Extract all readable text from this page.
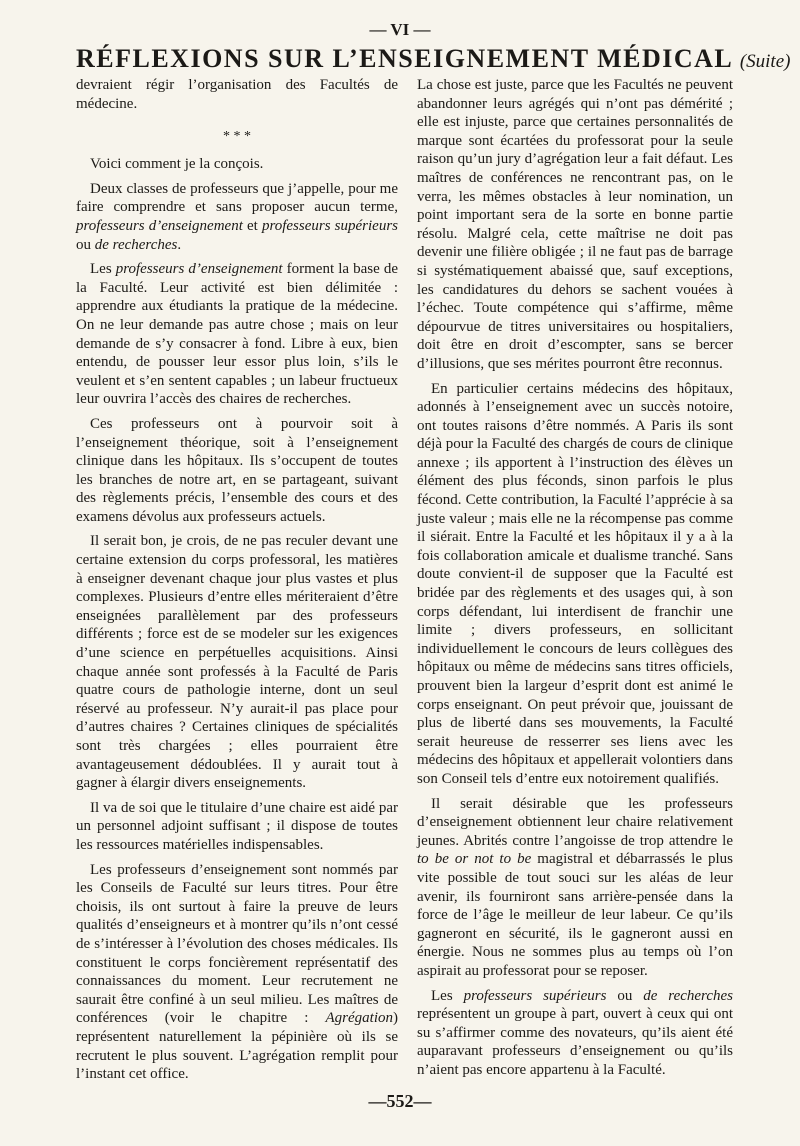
— VI —
RÉFLEXIONS SUR L’ENSEIGNEMENT MÉDICAL (Suite)

devraient régir l’organisation des Facultés de médecine.

* * *

Voici comment je la conçois.

Deux classes de professeurs que j’appelle, pour me faire comprendre et sans proposer aucun terme, professeurs d’enseignement et professeurs supérieurs ou de recherches.

Les professeurs d’enseignement forment la base de la Faculté. Leur activité est bien délimitée : apprendre aux étudiants la pratique de la médecine. On ne leur demande pas autre chose ; mais on leur demande de s’y consacrer à fond. Libre à eux, bien entendu, de pousser leur essor plus loin, s’ils le veulent et s’en sentent capables ; un labeur fructueux leur ouvrira l’accès des chaires de recherches.

Ces professeurs ont à pourvoir soit à l’enseignement théorique, soit à l’enseignement clinique dans les hôpitaux. Ils s’occupent de toutes les branches de notre art, en se partageant, suivant des règlements précis, l’ensemble des cours et des examens dévolus aux professeurs actuels.

Il serait bon, je crois, de ne pas reculer devant une certaine extension du corps professoral, les matières à enseigner devenant chaque jour plus vastes et plus complexes. Plusieurs d’entre elles mériteraient d’être enseignées parallèlement par des professeurs différents ; force est de se modeler sur les exigences d’une science en perpétuelles acquisitions. Ainsi chaque année sont professés à la Faculté de Paris quatre cours de pathologie interne, dont un seul réservé au professeur. N’y aurait-il pas place pour d’autres chaires ? Certaines cliniques de spécialités sont très chargées ; elles pourraient être avantageusement dédoublées. Il y aurait tout à gagner à élargir divers enseignements.

Il va de soi que le titulaire d’une chaire est aidé par un personnel adjoint suffisant ; il dispose de toutes les ressources matérielles indispensables.

Les professeurs d’enseignement sont nommés par les Conseils de Faculté sur leurs titres. Pour être choisis, ils ont surtout à faire la preuve de leurs qualités d’enseigneurs et à montrer qu’ils n’ont cessé de s’intéresser à l’évolution des choses médicales. Ils constituent le corps foncièrement représentatif des connaissances du moment. Leur recrutement ne saurait être confiné à un seul milieu. Les maîtres de conférences (voir le chapitre : Agrégation) représentent naturellement la pépinière où ils se recrutent le plus souvent. L’agrégation remplit pour l’instant cet office.

La chose est juste, parce que les Facultés ne peuvent abandonner leurs agrégés qui n’ont pas démérité ; elle est injuste, parce que certaines personnalités de marque sont écartées du professorat pour la seule raison qu’un jury d’agrégation leur a fait défaut. Les maîtres de conférences ne rencontrant pas, on le verra, les mêmes obstacles à leur nomination, un point important sera de la sorte en bonne partie résolu. Malgré cela, cette maîtrise ne doit pas devenir une filière obligée ; il ne faut pas de barrage si systématiquement abaissé que, sauf exceptions, les candidatures du dehors se sachent vouées à l’échec. Toute compétence qui s’affirme, même dépourvue de titres universitaires ou hospitaliers, doit être en droit d’escompter, sans se bercer d’illusions, que ses mérites pourront être reconnus.

En particulier certains médecins des hôpitaux, adonnés à l’enseignement avec un succès notoire, ont toutes raisons d’être nommés. A Paris ils sont déjà pour la Faculté des chargés de cours de clinique annexe ; ils apportent à l’instruction des élèves un élément des plus féconds, sinon parfois le plus fécond. Cette contribution, la Faculté l’apprécie à sa juste valeur ; mais elle ne la récompense pas comme il siérait. Entre la Faculté et les hôpitaux il y a à la fois collaboration amicale et dualisme tranché. Sans doute convient-il de supposer que la Faculté est bridée par des règlements et des usages qui, à son corps défendant, lui interdisent de franchir une limite ; divers professeurs, en sollicitant individuellement le concours de leurs collègues des hôpitaux ou même de médecins sans titres officiels, prouvent bien la largeur d’esprit dont est animé le corps enseignant. On peut prévoir que, jouissant de plus de liberté dans ses mouvements, la Faculté serait heureuse de resserrer ses liens avec les médecins des hôpitaux et appellerait volontiers dans son Conseil tels d’entre eux notoirement qualifiés.

Il serait désirable que les professeurs d’enseignement obtiennent leur chaire relativement jeunes. Abrités contre l’angoisse de trop attendre le to be or not to be magistral et débarrassés le plus vite possible de tout souci sur les aléas de leur avenir, ils fourniront sans arrière-pensée dans la force de l’âge le meilleur de leur labeur. Ce qu’ils gagneront en sécurité, ils le gagneront aussi en énergie. Nous ne sommes plus au temps où l’on aspirait au professorat pour se reposer.

Les professeurs supérieurs ou de recherches représentent un groupe à part, ouvert à ceux qui ont su s’affirmer comme des novateurs, qu’ils aient été auparavant professeurs d’enseignement ou qu’ils n’aient pas encore appartenu à la Faculté.

—552—
